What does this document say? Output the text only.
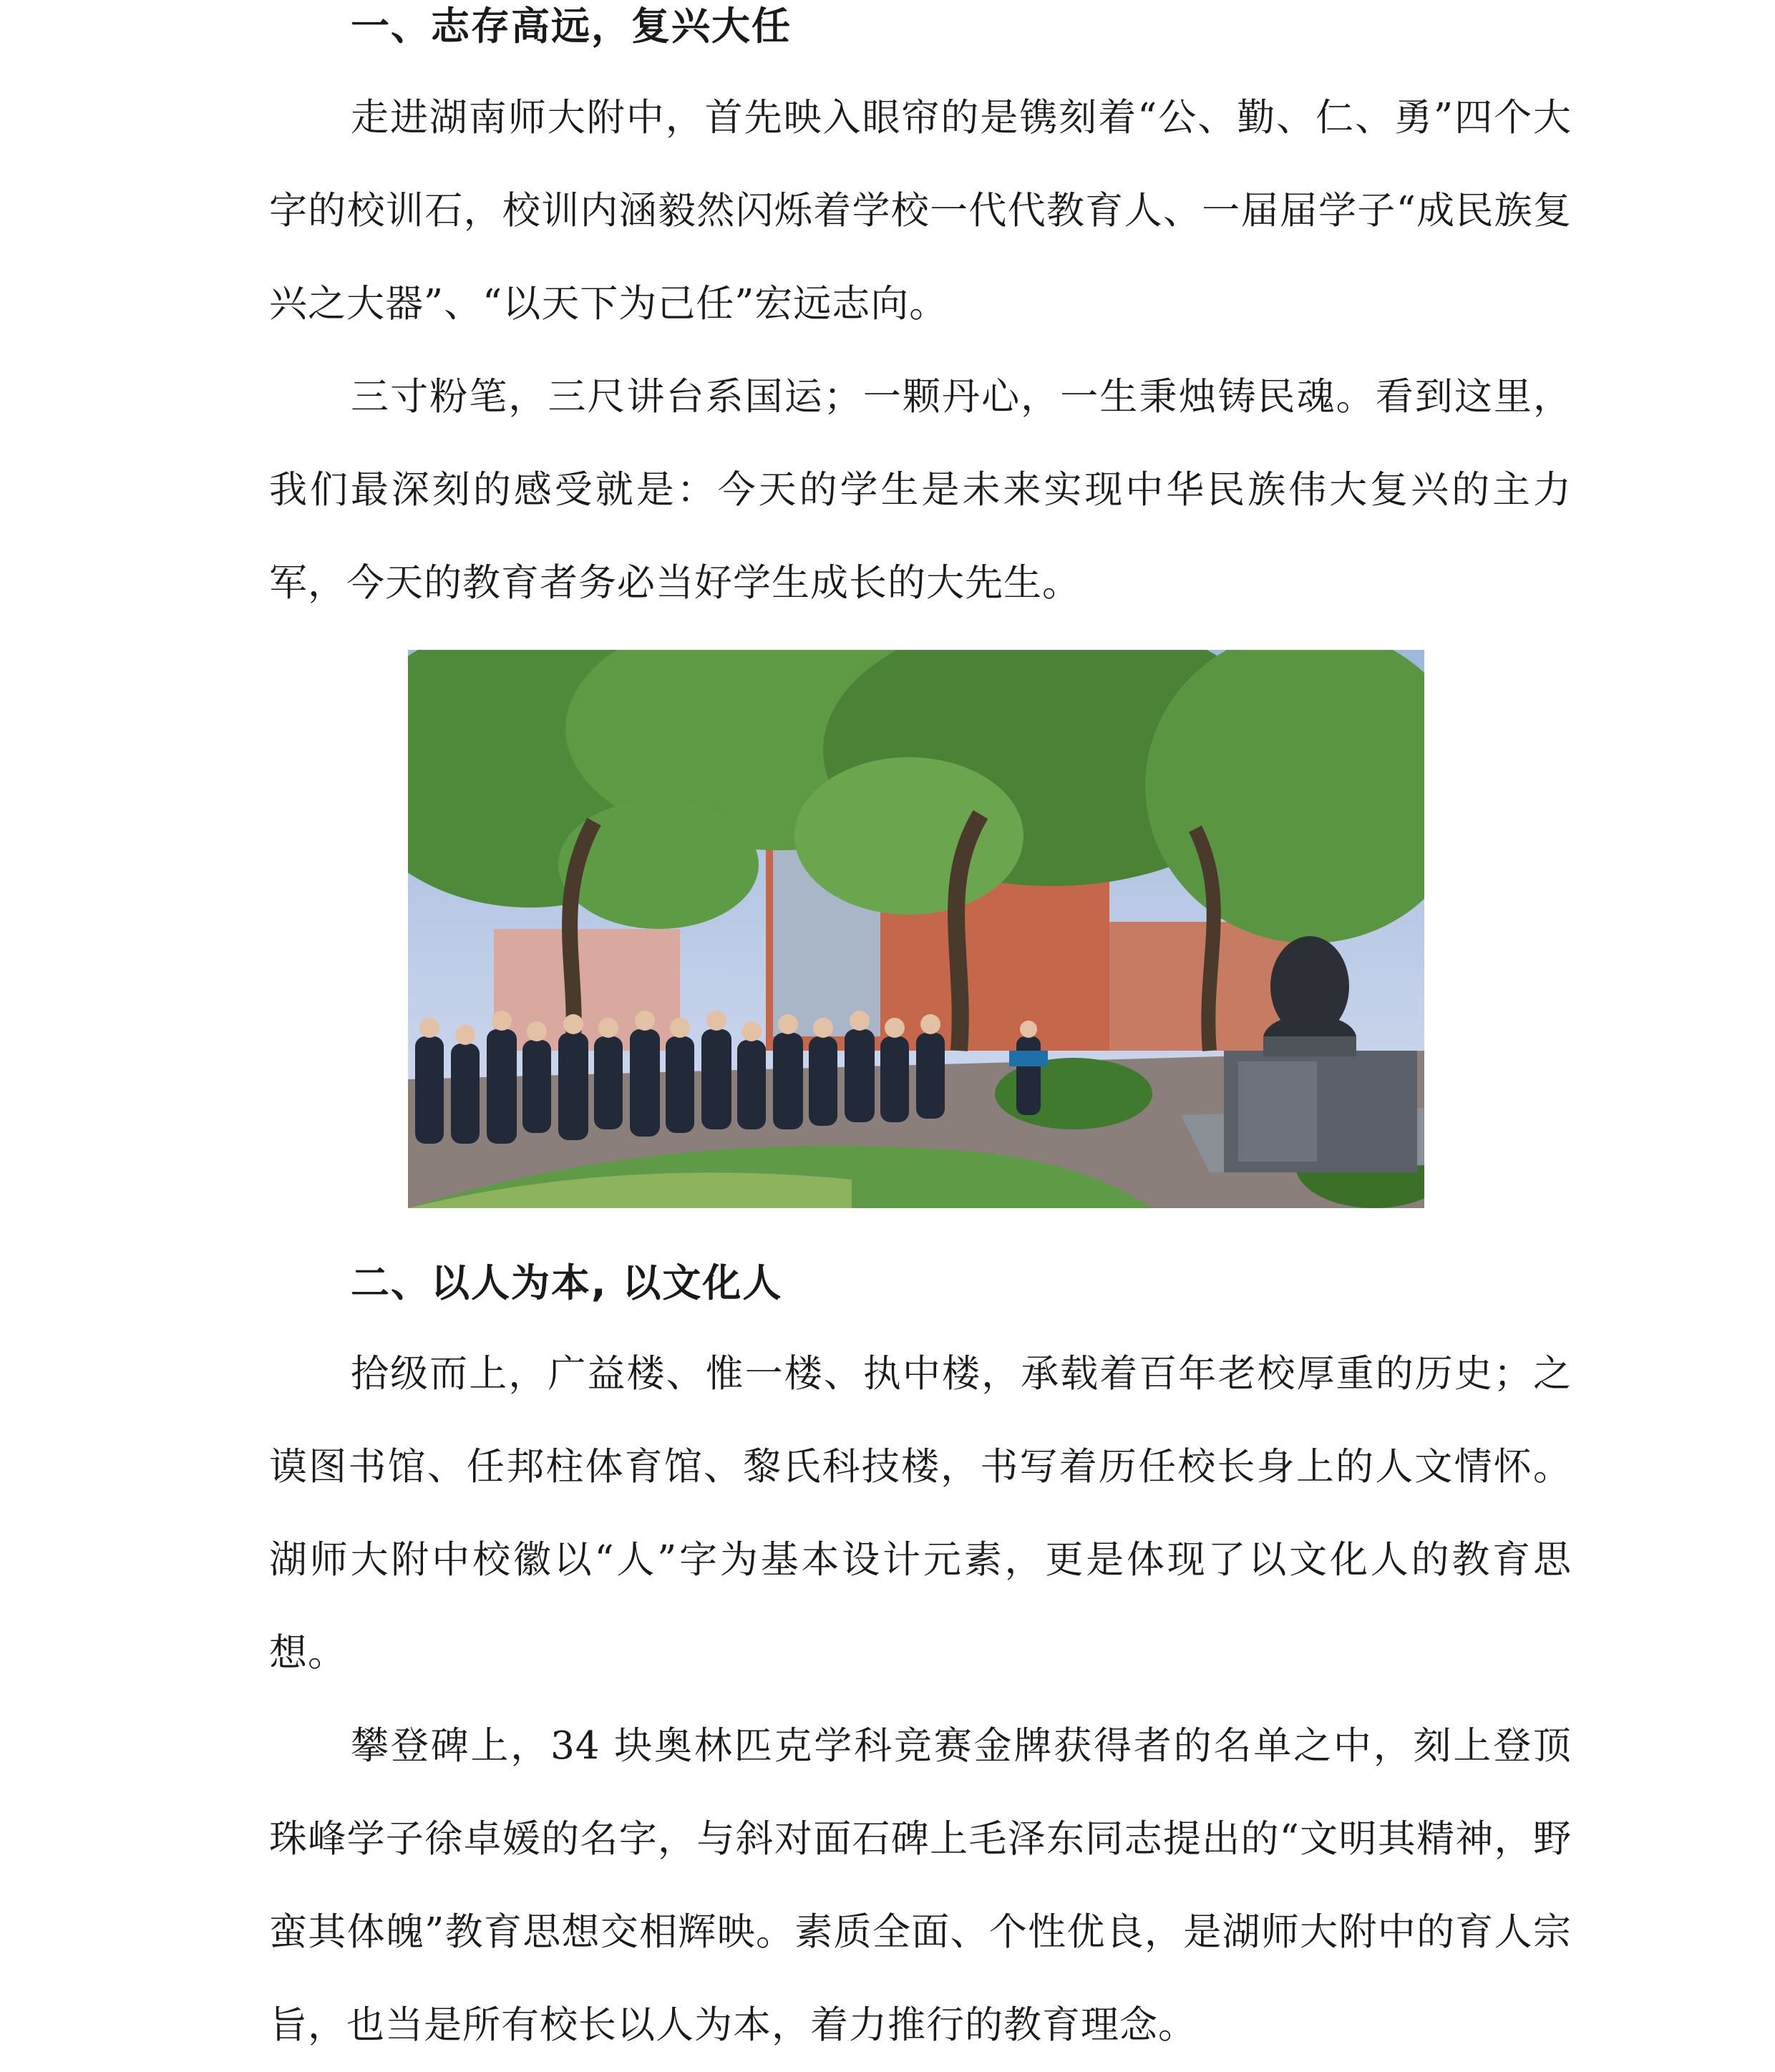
一、志存高远，复兴大任

走进湖南师大附中，首先映入眼帘的是镌刻着“公、勤、仁、勇”四个大字的校训石，校训内涵毅然闪烁着学校一代代教育人、一届届学子“成民族复兴之大器”、“以天下为己任”宏远志向。

三寸粉笔，三尺讲台系国运；一颗丹心，一生秉烛铸民魂。看到这里，我们最深刻的感受就是：今天的学生是未来实现中华民族伟大复兴的主力军，今天的教育者务必当好学生成长的大先生。

二、以人为本, 以文化人

拾级而上，广益楼、惟一楼、执中楼，承载着百年老校厚重的历史；之谟图书馆、任邦柱体育馆、黎氏科技楼，书写着历任校长身上的人文情怀。湖师大附中校徽以“人”字为基本设计元素，更是体现了以文化人的教育思想。

攀登碑上，34 块奥林匹克学科竞赛金牌获得者的名单之中，刻上登顶珠峰学子徐卓媛的名字，与斜对面石碑上毛泽东同志提出的“文明其精神，野蛮其体魄”教育思想交相辉映。素质全面、个性优良，是湖师大附中的育人宗旨，也当是所有校长以人为本，着力推行的教育理念。
